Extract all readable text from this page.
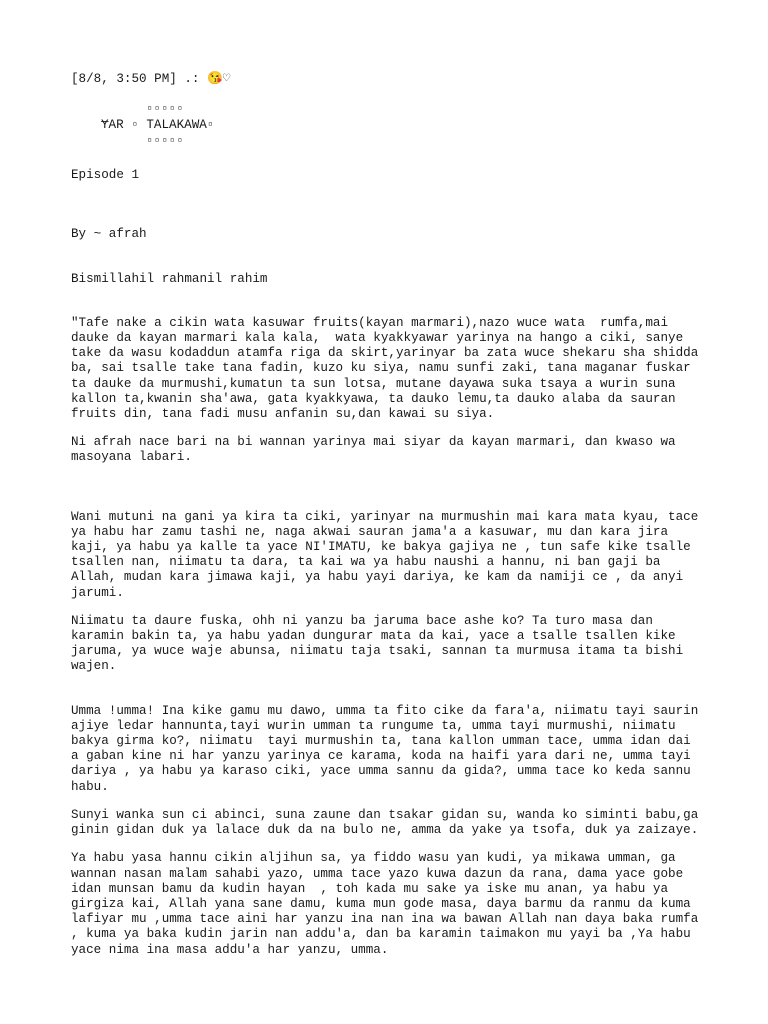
[8/8, 3:50 PM] .: 😘♡

▫▫▫▫▫

ɎAR ▫ TALAKAWA▫

▫▫▫▫▫

Episode 1

By ~ afrah

Bismillahil rahmanil rahim

"Tafe nake a cikin wata kasuwar fruits(kayan marmari),nazo wuce wata  rumfa,mai
dauke da kayan marmari kala kala,  wata kyakkyawar yarinya na hango a ciki, sanye
take da wasu kodaddun atamfa riga da skirt,yarinyar ba zata wuce shekaru sha shidda
ba, sai tsalle take tana fadin, kuzo ku siya, namu sunfi zaki, tana maganar fuskar
ta dauke da murmushi,kumatun ta sun lotsa, mutane dayawa suka tsaya a wurin suna
kallon ta,kwanin sha'awa, gata kyakkyawa, ta dauko lemu,ta dauko alaba da sauran
fruits din, tana fadi musu anfanin su,dan kawai su siya.

Ni afrah nace bari na bi wannan yarinya mai siyar da kayan marmari, dan kwaso wa
masoyana labari.

Wani mutuni na gani ya kira ta ciki, yarinyar na murmushin mai kara mata kyau, tace
ya habu har zamu tashi ne, naga akwai sauran jama'a a kasuwar, mu dan kara jira
kaji, ya habu ya kalle ta yace NI'IMATU, ke bakya gajiya ne , tun safe kike tsalle
tsallen nan, niimatu ta dara, ta kai wa ya habu naushi a hannu, ni ban gaji ba
Allah, mudan kara jimawa kaji, ya habu yayi dariya, ke kam da namiji ce , da anyi
jarumi.

Niimatu ta daure fuska, ohh ni yanzu ba jaruma bace ashe ko? Ta turo masa dan
karamin bakin ta, ya habu yadan dungurar mata da kai, yace a tsalle tsallen kike
jaruma, ya wuce waje abunsa, niimatu taja tsaki, sannan ta murmusa itama ta bishi
wajen.

Umma !umma! Ina kike gamu mu dawo, umma ta fito cike da fara'a, niimatu tayi saurin
ajiye ledar hannunta,tayi wurin umman ta rungume ta, umma tayi murmushi, niimatu
bakya girma ko?, niimatu  tayi murmushin ta, tana kallon umman tace, umma idan dai
a gaban kine ni har yanzu yarinya ce karama, koda na haifi yara dari ne, umma tayi
dariya , ya habu ya karaso ciki, yace umma sannu da gida?, umma tace ko keda sannu
habu.

Sunyi wanka sun ci abinci, suna zaune dan tsakar gidan su, wanda ko siminti babu,ga
ginin gidan duk ya lalace duk da na bulo ne, amma da yake ya tsofa, duk ya zaizaye.

Ya habu yasa hannu cikin aljihun sa, ya fiddo wasu yan kudi, ya mikawa umman, ga
wannan nasan malam sahabi yazo, umma tace yazo kuwa dazun da rana, dama yace gobe
idan munsan bamu da kudin hayan  , toh kada mu sake ya iske mu anan, ya habu ya
girgiza kai, Allah yana sane damu, kuma mun gode masa, daya barmu da ranmu da kuma
lafiyar mu ,umma tace aini har yanzu ina nan ina wa bawan Allah nan daya baka rumfa
, kuma ya baka kudin jarin nan addu'a, dan ba karamin taimakon mu yayi ba ,Ya habu
yace nima ina masa addu'a har yanzu, umma.
